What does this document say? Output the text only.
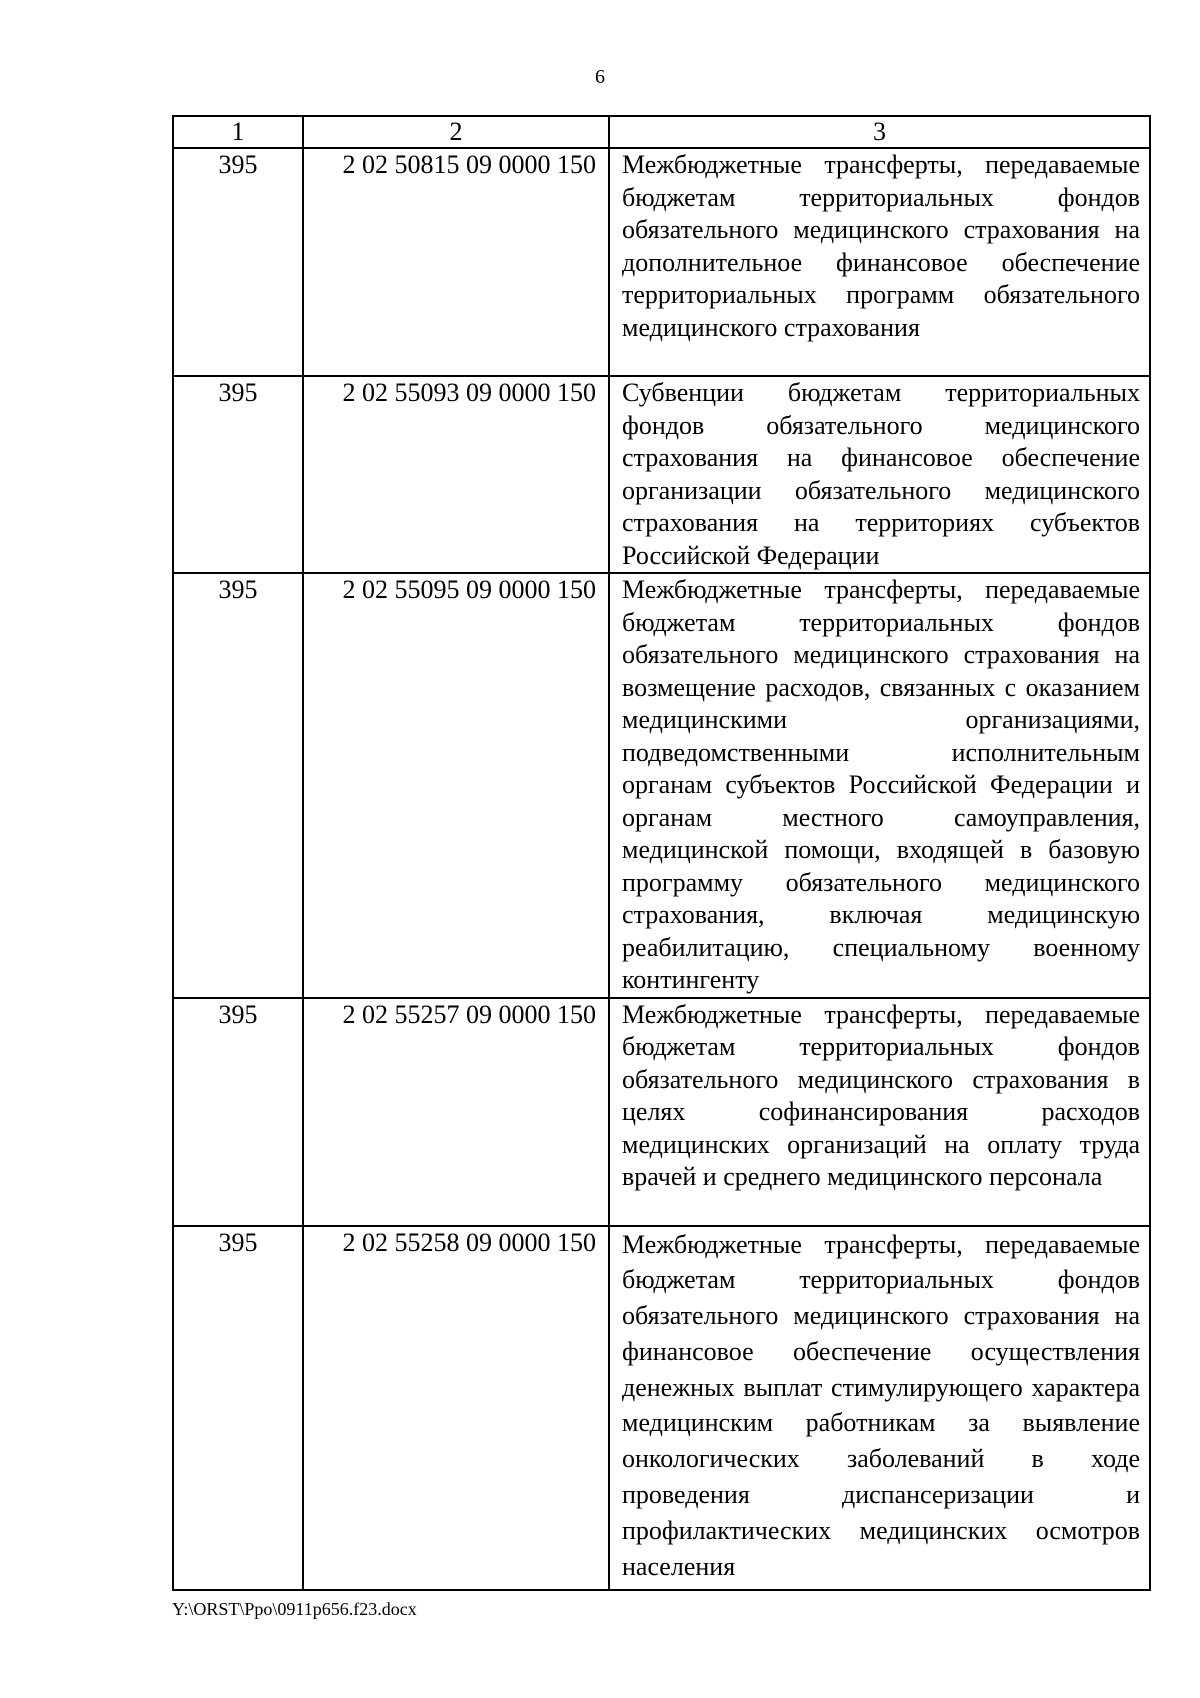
6
1	2	3
395	2 02 50815 09 0000 150	Межбюджетные трансферты, передаваемые бюджетам территориальных фондов обязательного медицинского страхования на дополнительное финансовое обеспечение территориальных программ обязательного медицинского страхования
395	2 02 55093 09 0000 150	Субвенции бюджетам территориальных фондов обязательного медицинского страхования на финансовое обеспечение организации обязательного медицинского страхования на территориях субъектов Российской Федерации
395	2 02 55095 09 0000 150	Межбюджетные трансферты, передаваемые бюджетам территориальных фондов обязательного медицинского страхования на возмещение расходов, связанных с оказанием медицинскими организациями, подведомственными исполнительным органам субъектов Российской Федерации и органам местного самоуправления, медицинской помощи, входящей в базовую программу обязательного медицинского страхования, включая медицинскую реабилитацию, специальному военному контингенту
395	2 02 55257 09 0000 150	Межбюджетные трансферты, передаваемые бюджетам территориальных фондов обязательного медицинского страхования в целях софинансирования расходов медицинских организаций на оплату труда врачей и среднего медицинского персонала
395	2 02 55258 09 0000 150	Межбюджетные трансферты, передаваемые бюджетам территориальных фондов обязательного медицинского страхования на финансовое обеспечение осуществления денежных выплат стимулирующего характера медицинским работникам за выявление онкологических заболеваний в ходе проведения диспансеризации и профилактических медицинских осмотров населения
Y:\ORST\Ppo\0911p656.f23.docx
